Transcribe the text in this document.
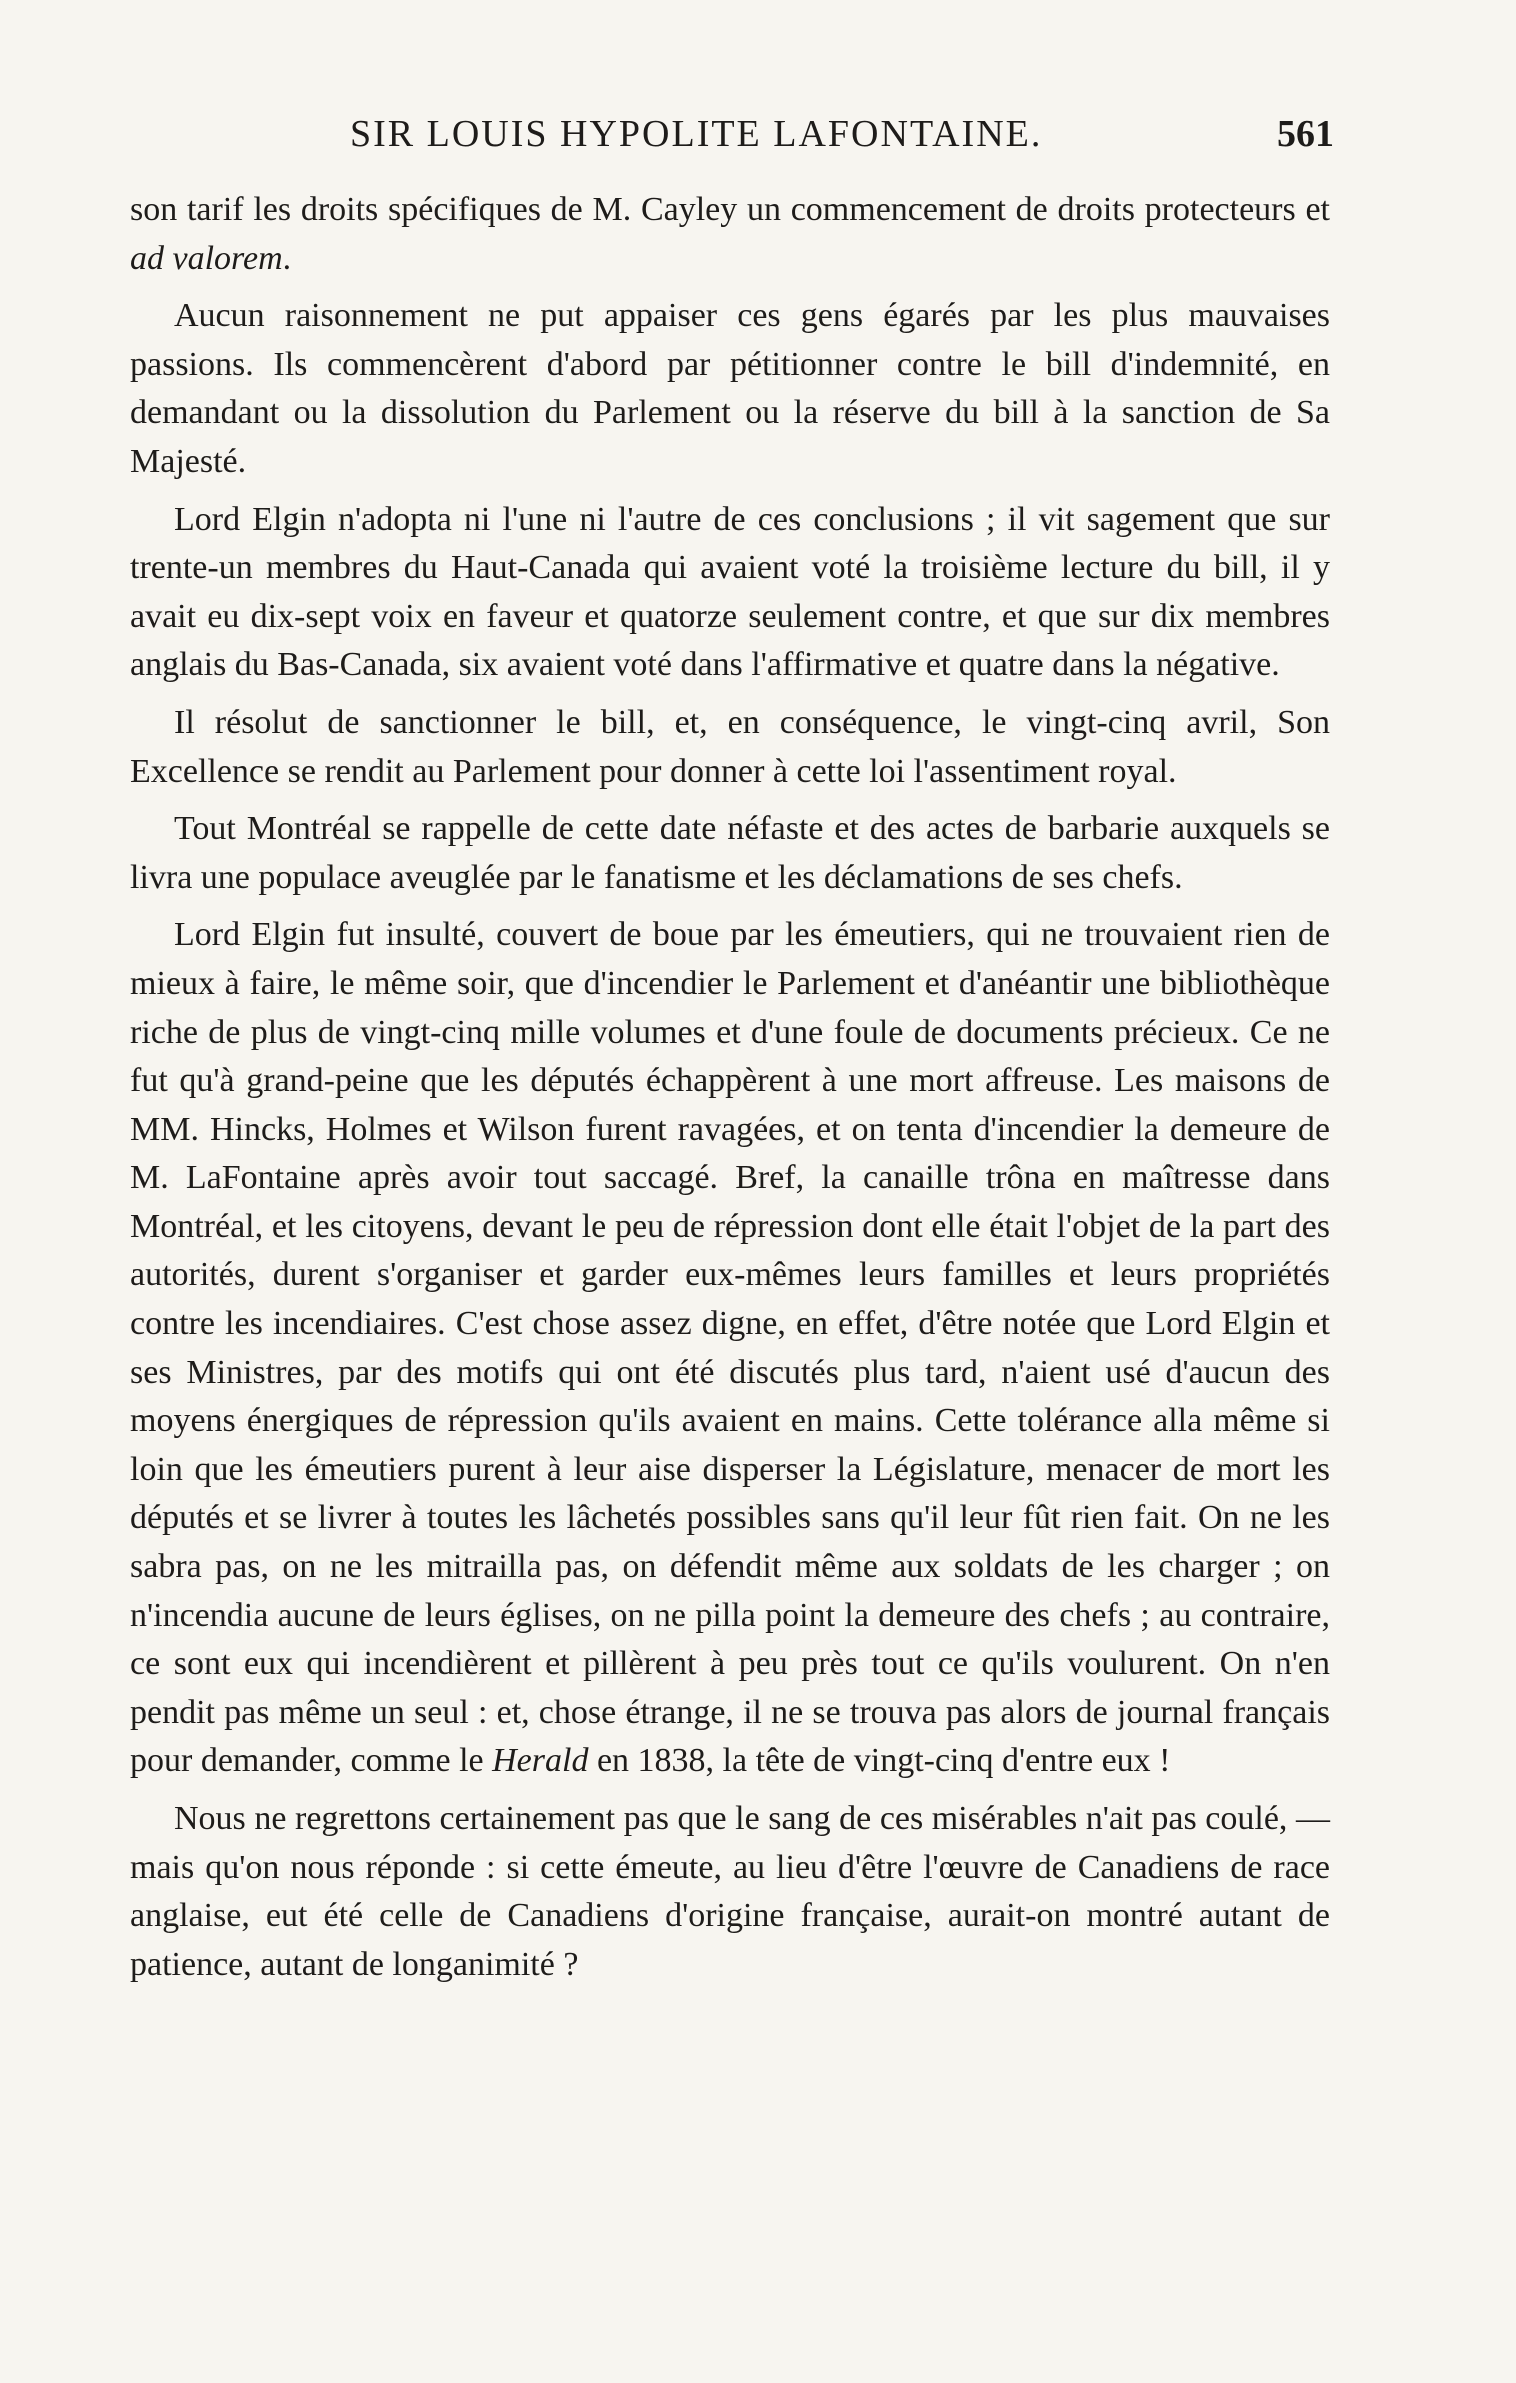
SIR LOUIS HYPOLITE LAFONTAINE.	561

son tarif les droits spécifiques de M. Cayley un commencement de droits protecteurs et ad valorem.

Aucun raisonnement ne put appaiser ces gens égarés par les plus mauvaises passions. Ils commencèrent d'abord par pétitionner contre le bill d'indemnité, en demandant ou la dissolution du Parlement ou la réserve du bill à la sanction de Sa Majesté.

Lord Elgin n'adopta ni l'une ni l'autre de ces conclusions ; il vit sagement que sur trente-un membres du Haut-Canada qui avaient voté la troisième lecture du bill, il y avait eu dix-sept voix en faveur et quatorze seulement contre, et que sur dix membres anglais du Bas-Canada, six avaient voté dans l'affirmative et quatre dans la négative.

Il résolut de sanctionner le bill, et, en conséquence, le vingt-cinq avril, Son Excellence se rendit au Parlement pour donner à cette loi l'assentiment royal.

Tout Montréal se rappelle de cette date néfaste et des actes de barbarie auxquels se livra une populace aveuglée par le fanatisme et les déclamations de ses chefs.

Lord Elgin fut insulté, couvert de boue par les émeutiers, qui ne trouvaient rien de mieux à faire, le même soir, que d'incendier le Parlement et d'anéantir une bibliothèque riche de plus de vingt-cinq mille volumes et d'une foule de documents précieux. Ce ne fut qu'à grand-peine que les députés échappèrent à une mort affreuse. Les maisons de MM. Hincks, Holmes et Wilson furent ravagées, et on tenta d'incendier la demeure de M. LaFontaine après avoir tout saccagé. Bref, la canaille trôna en maîtresse dans Montréal, et les citoyens, devant le peu de répression dont elle était l'objet de la part des autorités, durent s'organiser et garder eux-mêmes leurs familles et leurs propriétés contre les incendiaires. C'est chose assez digne, en effet, d'être notée que Lord Elgin et ses Ministres, par des motifs qui ont été discutés plus tard, n'aient usé d'aucun des moyens énergiques de répression qu'ils avaient en mains. Cette tolérance alla même si loin que les émeutiers purent à leur aise disperser la Législature, menacer de mort les députés et se livrer à toutes les lâchetés possibles sans qu'il leur fût rien fait. On ne les sabra pas, on ne les mitrailla pas, on défendit même aux soldats de les charger ; on n'incendia aucune de leurs églises, on ne pilla point la demeure des chefs ; au contraire, ce sont eux qui incendièrent et pillèrent à peu près tout ce qu'ils voulurent. On n'en pendit pas même un seul : et, chose étrange, il ne se trouva pas alors de journal français pour demander, comme le Herald en 1838, la tête de vingt-cinq d'entre eux !

Nous ne regrettons certainement pas que le sang de ces misérables n'ait pas coulé, — mais qu'on nous réponde : si cette émeute, au lieu d'être l'œuvre de Canadiens de race anglaise, eut été celle de Canadiens d'origine française, aurait-on montré autant de patience, autant de longanimité ?
